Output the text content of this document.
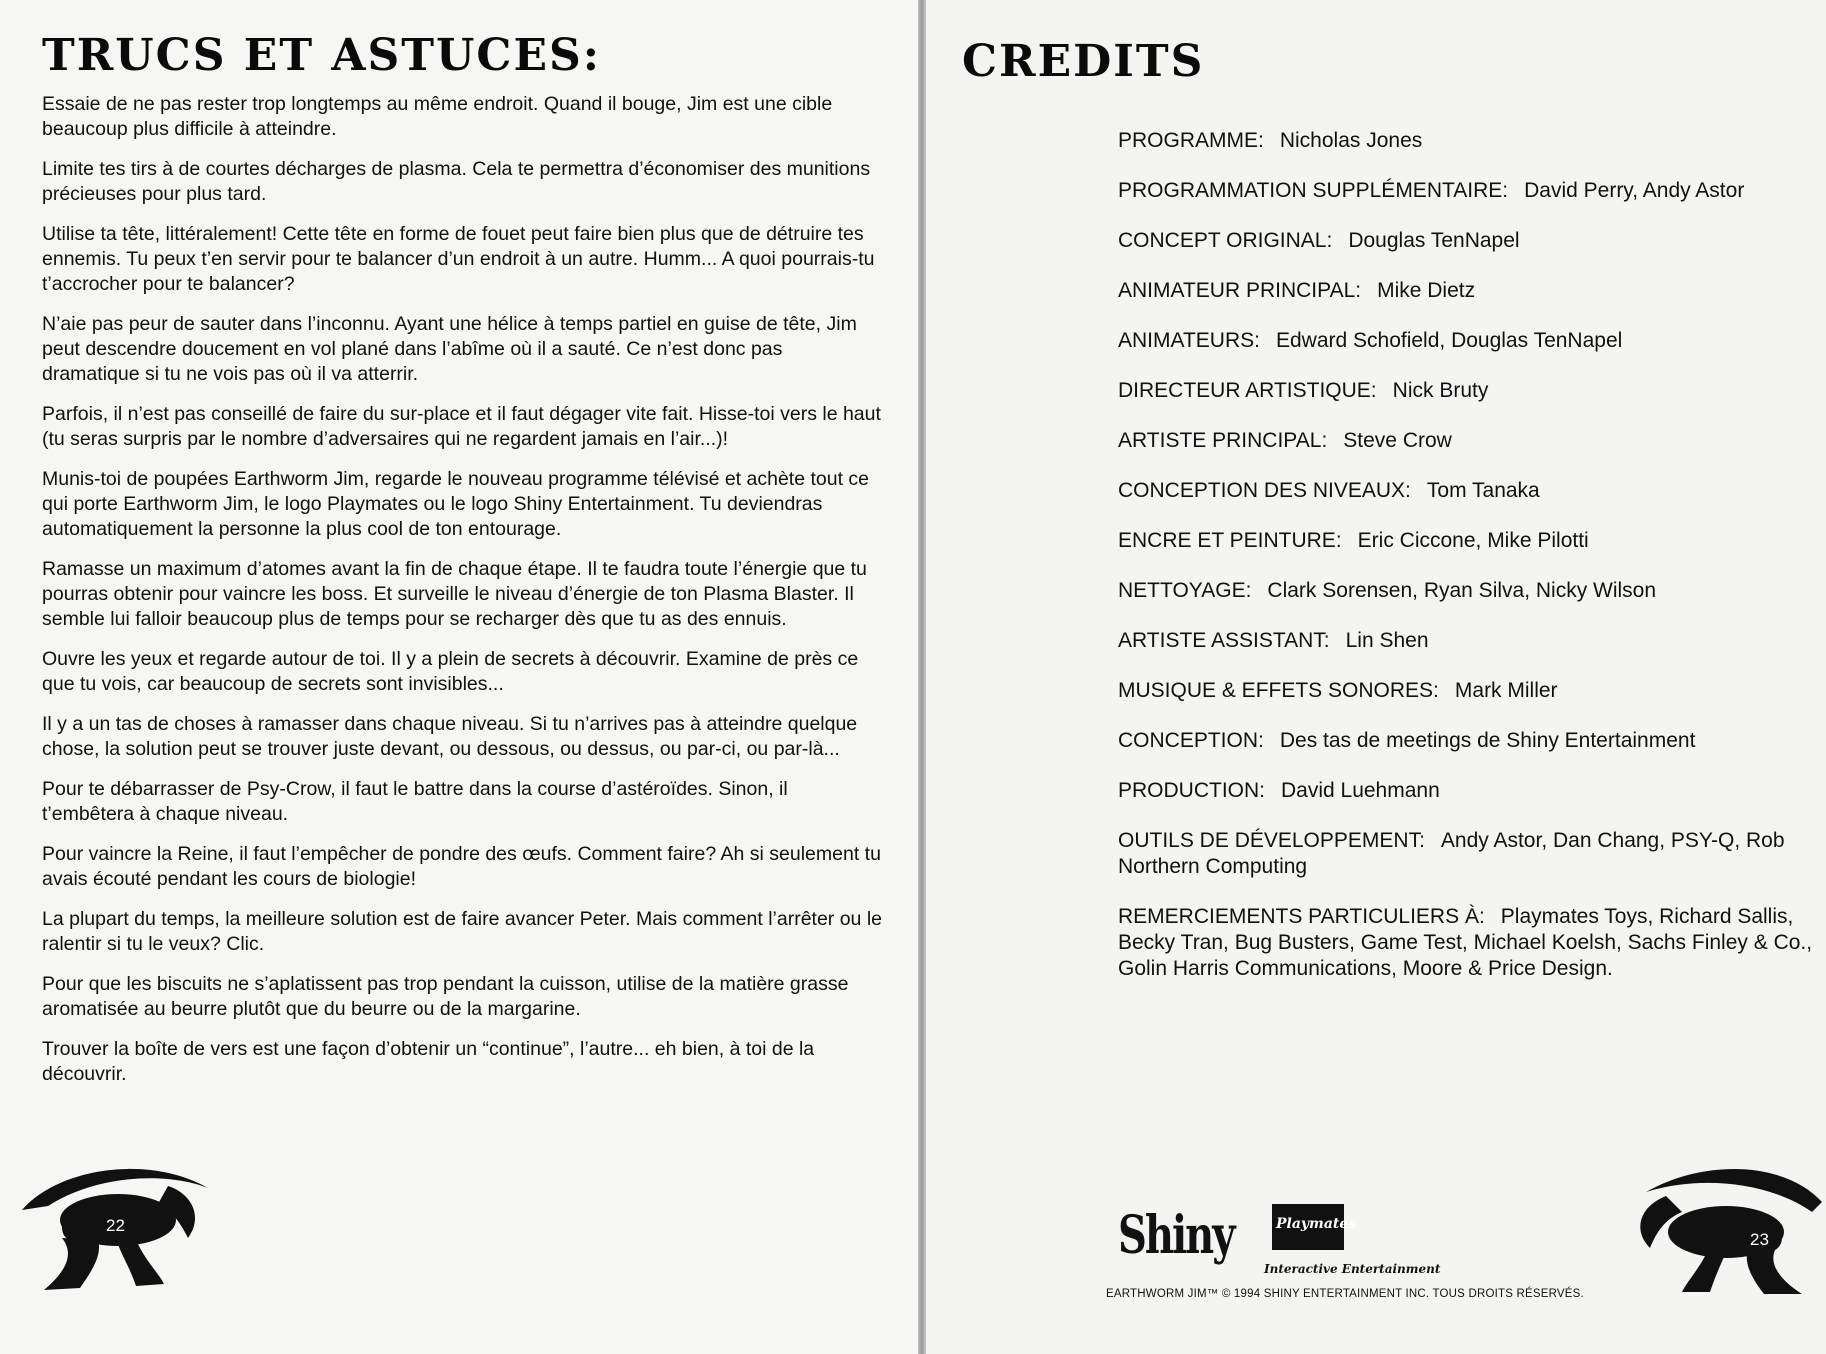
TRUCS ET ASTUCES:

Essaie de ne pas rester trop longtemps au même endroit. Quand il bouge, Jim est une cible beaucoup plus difficile à atteindre.

Limite tes tirs à de courtes décharges de plasma. Cela te permettra d’économiser des munitions précieuses pour plus tard.

Utilise ta tête, littéralement! Cette tête en forme de fouet peut faire bien plus que de détruire tes ennemis. Tu peux t’en servir pour te balancer d’un endroit à un autre. Humm... A quoi pourrais-tu t’accrocher pour te balancer?

N’aie pas peur de sauter dans l’inconnu. Ayant une hélice à temps partiel en guise de tête, Jim peut descendre doucement en vol plané dans l’abîme où il a sauté. Ce n’est donc pas dramatique si tu ne vois pas où il va atterrir.

Parfois, il n’est pas conseillé de faire du sur-place et il faut dégager vite fait. Hisse-toi vers le haut (tu seras surpris par le nombre d’adversaires qui ne regardent jamais en l’air...)!

Munis-toi de poupées Earthworm Jim, regarde le nouveau programme télévisé et achète tout ce qui porte Earthworm Jim, le logo Playmates ou le logo Shiny Entertainment. Tu deviendras automatiquement la personne la plus cool de ton entourage.

Ramasse un maximum d’atomes avant la fin de chaque étape. Il te faudra toute l’énergie que tu pourras obtenir pour vaincre les boss. Et surveille le niveau d’énergie de ton Plasma Blaster. Il semble lui falloir beaucoup plus de temps pour se recharger dès que tu as des ennuis.

Ouvre les yeux et regarde autour de toi. Il y a plein de secrets à découvrir. Examine de près ce que tu vois, car beaucoup de secrets sont invisibles...

Il y a un tas de choses à ramasser dans chaque niveau. Si tu n’arrives pas à atteindre quelque chose, la solution peut se trouver juste devant, ou dessous, ou dessus, ou par-ci, ou par-là...

Pour te débarrasser de Psy-Crow, il faut le battre dans la course d’astéroïdes. Sinon, il t’embêtera à chaque niveau.

Pour vaincre la Reine, il faut l’empêcher de pondre des œufs. Comment faire? Ah si seulement tu avais écouté pendant les cours de biologie!

La plupart du temps, la meilleure solution est de faire avancer Peter. Mais comment l’arrêter ou le ralentir si tu le veux? Clic.

Pour que les biscuits ne s’aplatissent pas trop pendant la cuisson, utilise de la matière grasse aromatisée au beurre plutôt que du beurre ou de la margarine.

Trouver la boîte de vers est une façon d’obtenir un “continue”, l’autre... eh bien, à toi de la découvrir.

22
CREDITS
PROGRAMME: Nicholas Jones
PROGRAMMATION SUPPLÉMENTAIRE: David Perry, Andy Astor
CONCEPT ORIGINAL: Douglas TenNapel
ANIMATEUR PRINCIPAL: Mike Dietz
ANIMATEURS: Edward Schofield, Douglas TenNapel
DIRECTEUR ARTISTIQUE: Nick Bruty
ARTISTE PRINCIPAL: Steve Crow
CONCEPTION DES NIVEAUX: Tom Tanaka
ENCRE ET PEINTURE: Eric Ciccone, Mike Pilotti
NETTOYAGE: Clark Sorensen, Ryan Silva, Nicky Wilson
ARTISTE ASSISTANT: Lin Shen
MUSIQUE & EFFETS SONORES: Mark Miller
CONCEPTION: Des tas de meetings de Shiny Entertainment
PRODUCTION: David Luehmann
OUTILS DE DÉVELOPPEMENT: Andy Astor, Dan Chang, PSY-Q, Rob Northern Computing
REMERCIEMENTS PARTICULIERS À: Playmates Toys, Richard Sallis, Becky Tran, Bug Busters, Game Test, Michael Koelsh, Sachs Finley & Co., Golin Harris Communications, Moore & Price Design.
Shiny	Playmates
Interactive Entertainment
EARTHWORM JIM™ © 1994 SHINY ENTERTAINMENT INC. TOUS DROITS RÉSERVÉS.
23
